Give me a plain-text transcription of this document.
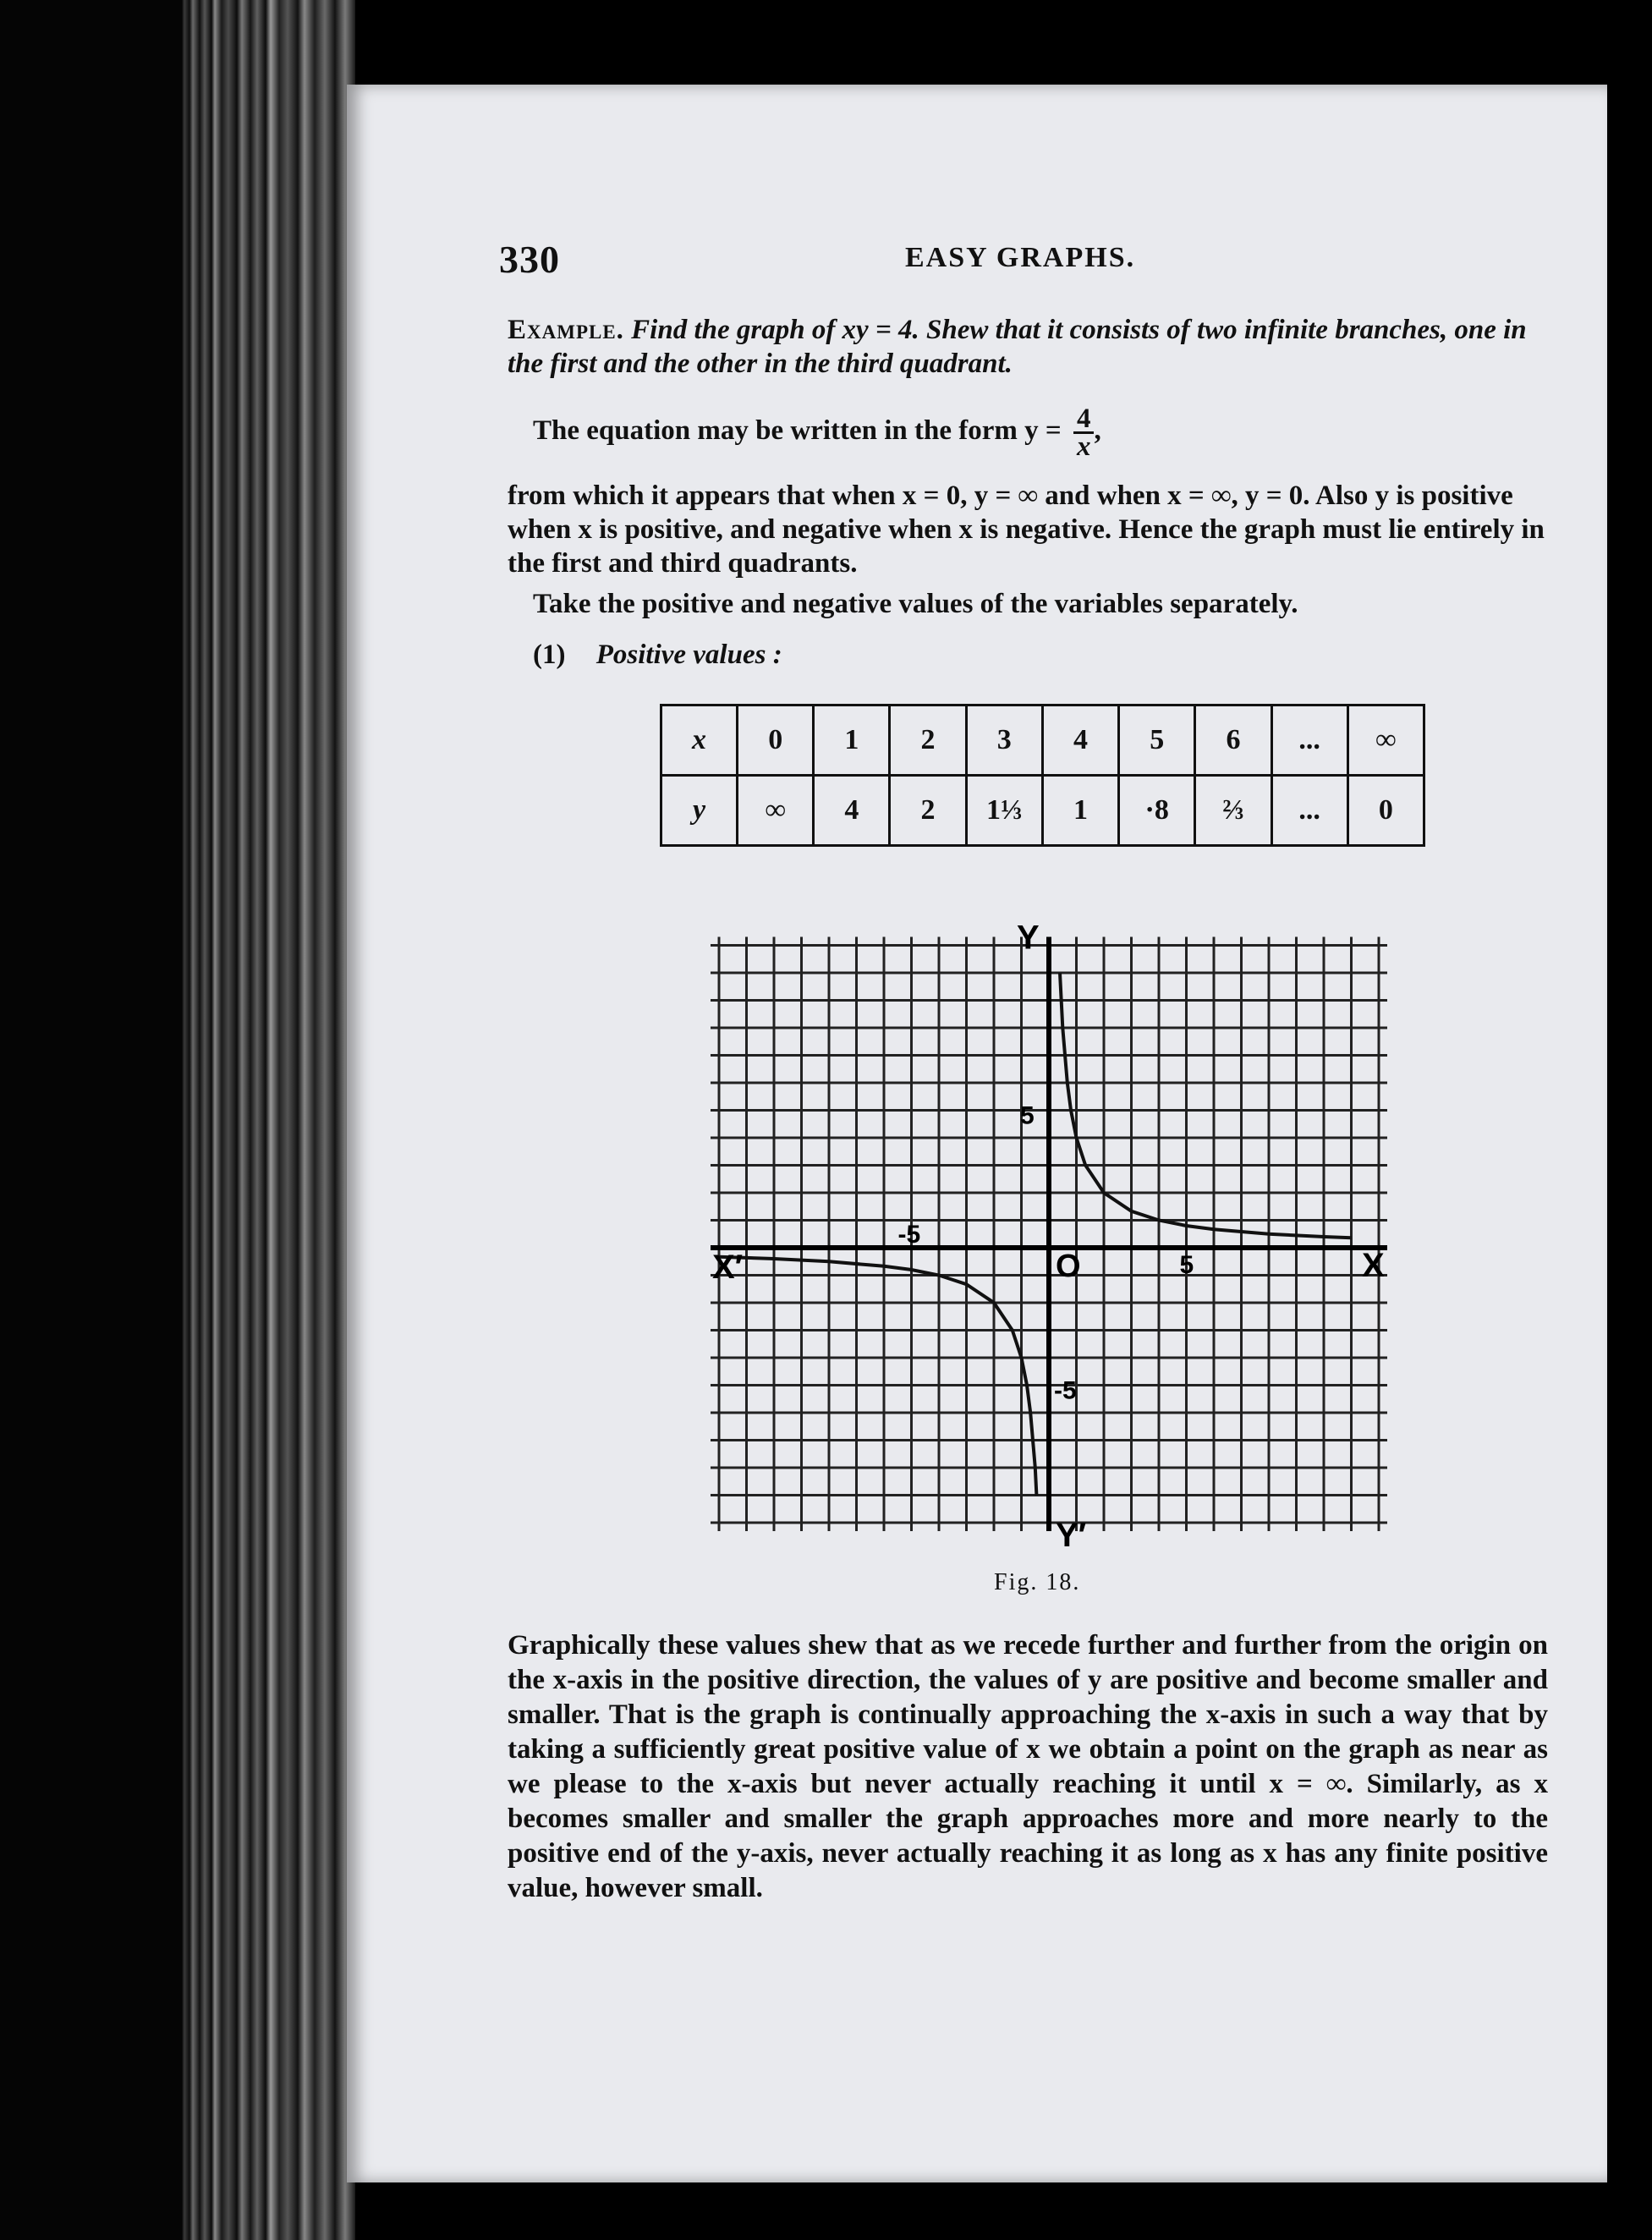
330	EASY GRAPHS.
Example. Find the graph of xy = 4. Shew that it consists of two infinite branches, one in the first and the other in the third quadrant.
The equation may be written in the form $y = \frac{4}{x}$ ,
from which it appears that when x = 0, y = ∞ and when x = ∞, y = 0. Also y is positive when x is positive, and negative when x is negative. Hence the graph must lie entirely in the first and third quadrants.
Take the positive and negative values of the variables separately.
(1) Positive values :
x	0	1	2	3	4	5	6	...	∞
y	∞	4	2	1⅓	1	·8	⅔	...	0
Y
Y′
X′	X
O
5
-5
5
-5
Fig. 18.
Graphically these values shew that as we recede further and further from the origin on the x-axis in the positive direction, the values of y are positive and become smaller and smaller. That is the graph is continually approaching the x-axis in such a way that by taking a sufficiently great positive value of x we obtain a point on the graph as near as we please to the x-axis but never actually reaching it until x = ∞. Similarly, as x becomes smaller and smaller the graph approaches more and more nearly to the positive end of the y-axis, never actually reaching it as long as x has any finite positive value, however small.
